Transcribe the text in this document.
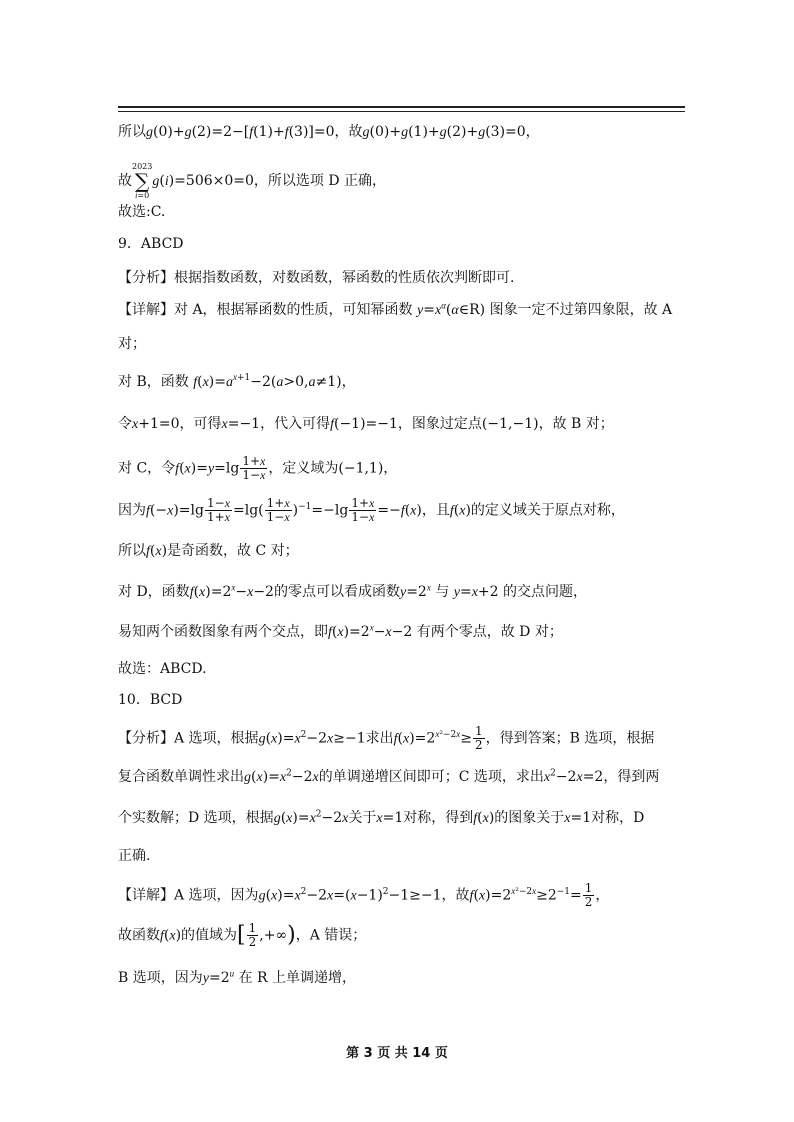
所以g(0)+g(2)=2−[f(1)+f(3)]=0，故g(0)+g(1)+g(2)+g(3)=0，
故2023
∑
i=0g(i)=506×0=0，所以选项 D 正确，
故选:C.
9．ABCD
【分析】根据指数函数，对数函数，幂函数的性质依次判断即可.
【详解】对 A，根据幂函数的性质，可知幂函数 $y=x^\alpha(\alpha\in R)$ 图象一定不过第四象限，故 A
对；
对 B，函数 $f(x)=a^{x+1}-2(a>0,a\ne 1)$，
令x+1=0，可得x=−1，代入可得f(−1)=−1，图象过定点(−1,−1)，故 B 对；
对 C，令$f(x)=y=\lg \frac{1+x}{1-x}$ ，定义域为(−1,1)，
因为$f(-x)=\lg \frac{1-x}{1+x} =\lg( \frac{1+x}{1-x} )^{-1}=-\lg \frac{1+x}{1-x} =-f(x)$，且f(x)的定义域关于原点对称，
所以f(x)是奇函数，故 C 对；
对 D，函数$f(x)=2^x-x-2$的零点可以看成函数$y=2^x$ 与 y=x+2 的交点问题，
易知两个函数图象有两个交点，即$f(x)=2^x-x-2$ 有两个零点，故 D 对；
故选：ABCD.
10．BCD
【分析】A 选项，根据$g(x)=x^2-2x\ge-1$求出$f(x)=2^{x^2-2x}\ge \frac{1}{2}$ ，得到答案；B 选项，根据
复合函数单调性求出$g(x)=x^2-2x$的单调递增区间即可；C 选项，求出$x^2-2x=2$，得到两
个实数解；D 选项，根据$g(x)=x^2-2x$关于x=1对称，得到f(x)的图象关于x=1对称，D
正确.
【详解】A 选项，因为$g(x)=x^2-2x=(x-1)^2-1\ge-1$，故$f(x)=2^{x^2-2x}\ge 2^{-1}= \frac{1}{2}$ ，
故函数f(x)的值域为[ $\frac{1}{2}$ ,+∞)，A 错误；
B 选项，因为$y=2^u$ 在 R 上单调递增，
第 3 页 共 14 页
